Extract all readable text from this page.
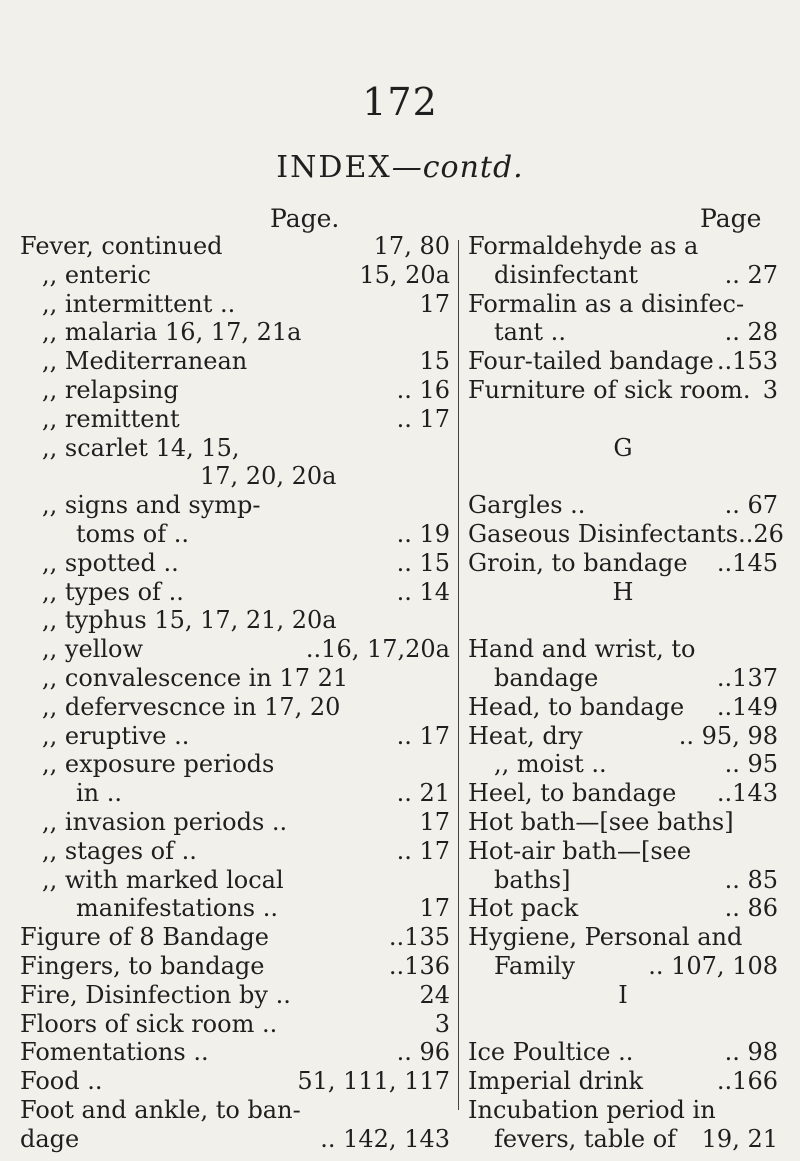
172
INDEX—contd.
Page.	Page
Fever, continued	17, 80
,, enteric	15, 20a
,, intermittent ..	17
,, malaria 16, 17, 21a
,, Mediterranean	15
,, relapsing	.. 16
,, remittent	.. 17
,, scarlet 14, 15,
17, 20, 20a
,, signs and symp-
toms of ..	.. 19
,, spotted ..	.. 15
,, types of ..	.. 14
,, typhus 15, 17, 21, 20a
,, yellow	..16, 17,20a
,, convalescence in 17 21
,, defervescnce in 17, 20
,, eruptive ..	.. 17
,, exposure periods
in ..	.. 21
,, invasion periods ..	17
,, stages of ..	.. 17
,, with marked local
manifestations ..	17
Figure of 8 Bandage	..135
Fingers, to bandage	..136
Fire, Disinfection by ..	24
Floors of sick room ..	3
Fomentations ..	.. 96
Food ..	51, 111, 117
Foot and ankle, to ban-
dage	.. 142, 143
Formaldehyde as a
disinfectant	.. 27
Formalin as a disinfec-
tant ..	.. 28
Four-tailed bandage ..153
Furniture of sick room. 3
G
Gargles ..	.. 67
Gaseous Disinfectants.. 26
Groin, to bandage ..145
H
Hand and wrist, to
bandage	..137
Head, to bandage ..149
Heat, dry	.. 95, 98
,, moist ..	.. 95
Heel, to bandage ..143
Hot bath—[see baths]
Hot-air bath—[see
baths]	.. 85
Hot pack	.. 86
Hygiene, Personal and
Family	.. 107, 108
I
Ice Poultice ..	.. 98
Imperial drink	..166
Incubation period in
fevers, table of 19, 21
